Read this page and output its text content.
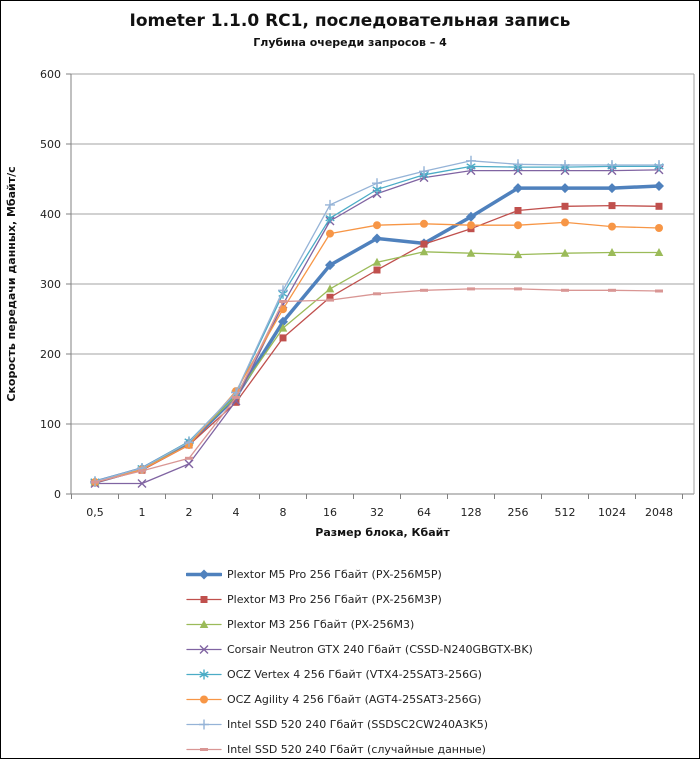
Iometer 1.1.0 RC1, последовательная запись
Глубина очереди запросов – 4
0
100
200
300
400
500
600
0,5	1	2	4	8	16	32	64	128 256 512 1024 2048
Размер блока, Кбайт
Скорость передачи данных, Мбайт/с
Plextor M5 Pro 256 Гбайт (PX-256M5P)
Plextor M3 Pro 256 Гбайт (PX-256M3P)
Plextor M3 256 Гбайт (PX-256M3)
Corsair Neutron GTX 240 Гбайт (CSSD-N240GBGTX-BK)
OCZ Vertex 4 256 Гбайт (VTX4-25SAT3-256G)
OCZ Agility 4 256 Гбайт (AGT4-25SAT3-256G)
Intel SSD 520 240 Гбайт (SSDSC2CW240A3K5)
Intel SSD 520 240 Гбайт (случайные данные)
